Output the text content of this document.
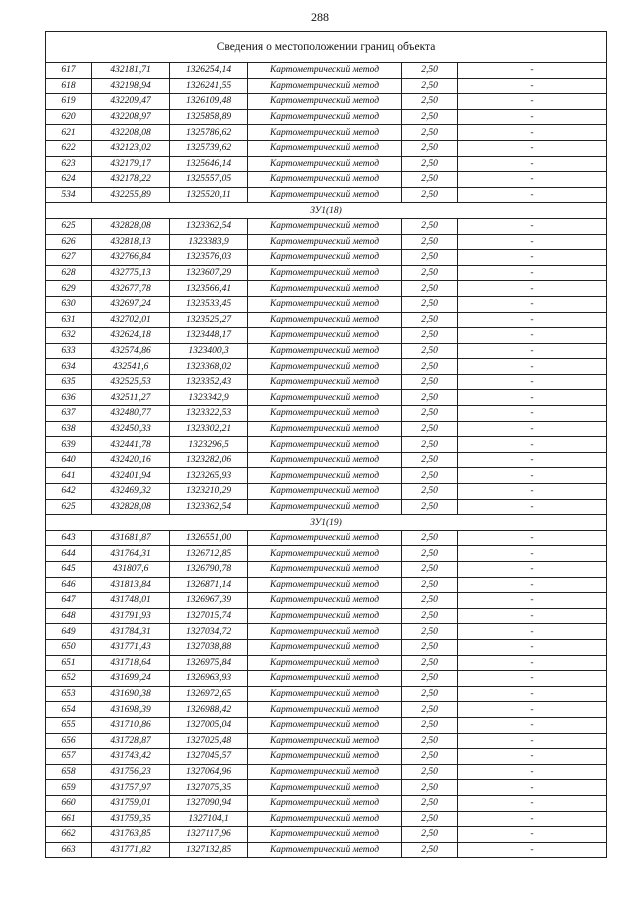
288
Сведения о местоположении границ объекта
617	432181,71	1326254,14	Картометрический метод	2,50	-
618	432198,94	1326241,55	Картометрический метод	2,50	-
619	432209,47	1326109,48	Картометрический метод	2,50	-
620	432208,97	1325858,89	Картометрический метод	2,50	-
621	432208,08	1325786,62	Картометрический метод	2,50	-
622	432123,02	1325739,62	Картометрический метод	2,50	-
623	432179,17	1325646,14	Картометрический метод	2,50	-
624	432178,22	1325557,05	Картометрический метод	2,50	-
534	432255,89	1325520,11	Картометрический метод	2,50	-
ЗУ1(18)					
625	432828,08	1323362,54	Картометрический метод	2,50	-
626	432818,13	1323383,9	Картометрический метод	2,50	-
627	432766,84	1323576,03	Картометрический метод	2,50	-
628	432775,13	1323607,29	Картометрический метод	2,50	-
629	432677,78	1323566,41	Картометрический метод	2,50	-
630	432697,24	1323533,45	Картометрический метод	2,50	-
631	432702,01	1323525,27	Картометрический метод	2,50	-
632	432624,18	1323448,17	Картометрический метод	2,50	-
633	432574,86	1323400,3	Картометрический метод	2,50	-
634	432541,6	1323368,02	Картометрический метод	2,50	-
635	432525,53	1323352,43	Картометрический метод	2,50	-
636	432511,27	1323342,9	Картометрический метод	2,50	-
637	432480,77	1323322,53	Картометрический метод	2,50	-
638	432450,33	1323302,21	Картометрический метод	2,50	-
639	432441,78	1323296,5	Картометрический метод	2,50	-
640	432420,16	1323282,06	Картометрический метод	2,50	-
641	432401,94	1323265,93	Картометрический метод	2,50	-
642	432469,32	1323210,29	Картометрический метод	2,50	-
625	432828,08	1323362,54	Картометрический метод	2,50	-
ЗУ1(19)					
643	431681,87	1326551,00	Картометрический метод	2,50	-
644	431764,31	1326712,85	Картометрический метод	2,50	-
645	431807,6	1326790,78	Картометрический метод	2,50	-
646	431813,84	1326871,14	Картометрический метод	2,50	-
647	431748,01	1326967,39	Картометрический метод	2,50	-
648	431791,93	1327015,74	Картометрический метод	2,50	-
649	431784,31	1327034,72	Картометрический метод	2,50	-
650	431771,43	1327038,88	Картометрический метод	2,50	-
651	431718,64	1326975,84	Картометрический метод	2,50	-
652	431699,24	1326963,93	Картометрический метод	2,50	-
653	431690,38	1326972,65	Картометрический метод	2,50	-
654	431698,39	1326988,42	Картометрический метод	2,50	-
655	431710,86	1327005,04	Картометрический метод	2,50	-
656	431728,87	1327025,48	Картометрический метод	2,50	-
657	431743,42	1327045,57	Картометрический метод	2,50	-
658	431756,23	1327064,96	Картометрический метод	2,50	-
659	431757,97	1327075,35	Картометрический метод	2,50	-
660	431759,01	1327090,94	Картометрический метод	2,50	-
661	431759,35	1327104,1	Картометрический метод	2,50	-
662	431763,85	1327117,96	Картометрический метод	2,50	-
663	431771,82	1327132,85	Картометрический метод	2,50	-
